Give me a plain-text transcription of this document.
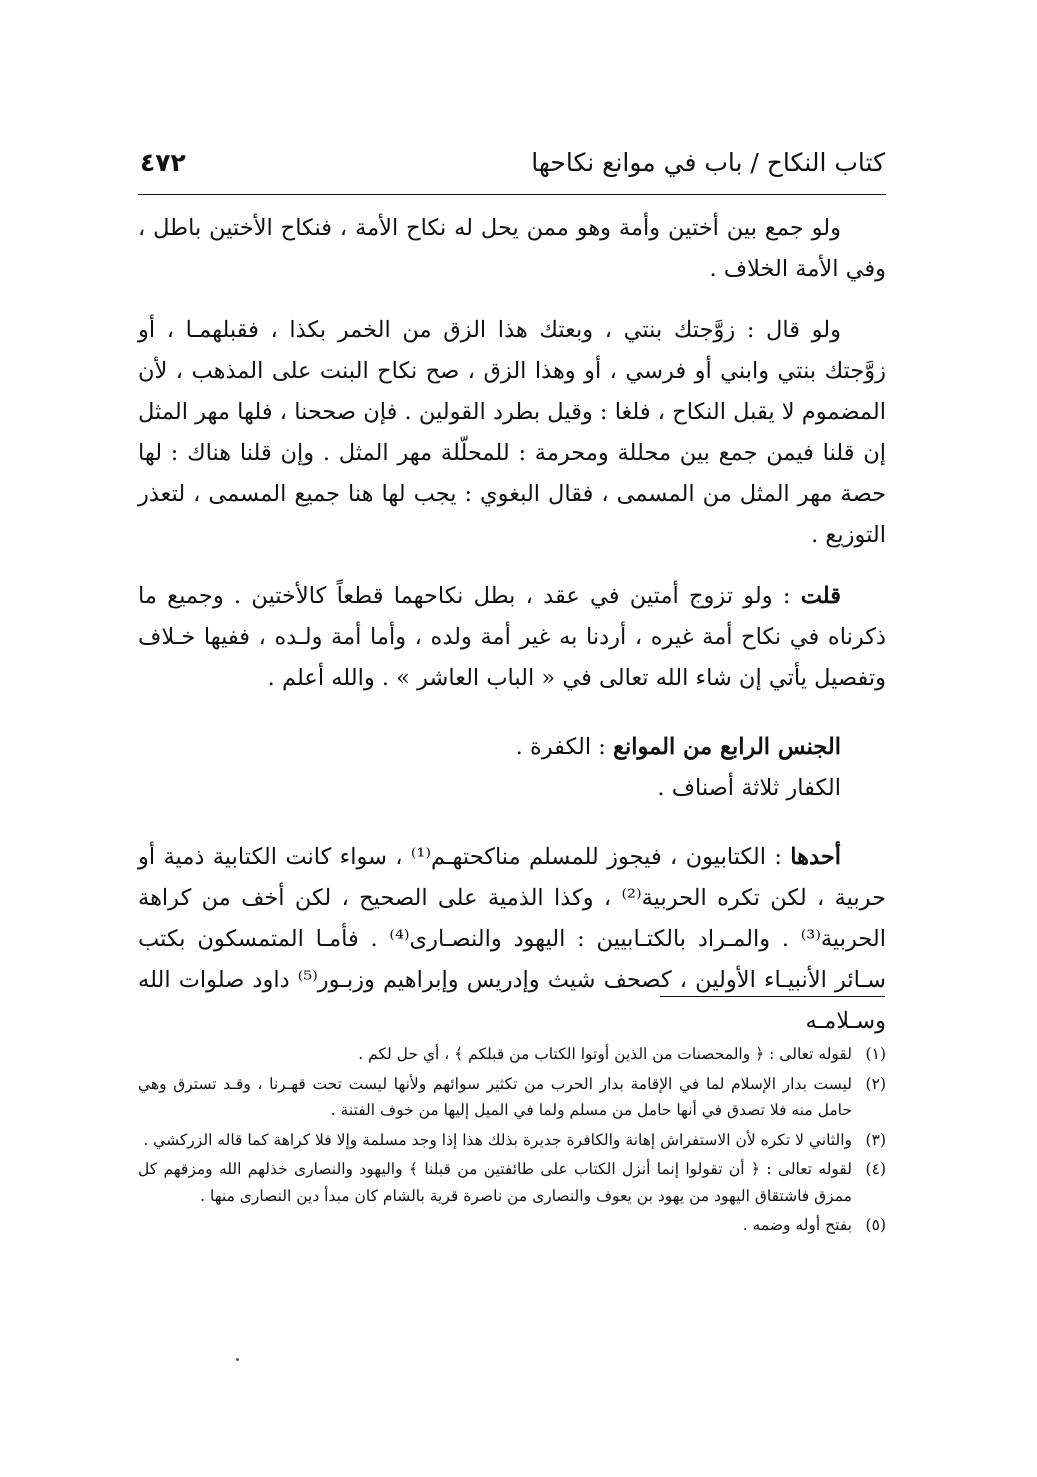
كتاب النكاح / باب في موانع نكاحها
٤٧٢

ولو جمع بين أختين وأمة وهو ممن يحل له نكاح الأمة ، فنكاح الأختين باطل ، وفي الأمة الخلاف .

ولو قال : زوَّجتك بنتي ، وبعتك هذا الزق من الخمر بكذا ، فقبلهمـا ، أو زوَّجتك بنتي وابني أو فرسي ، أو وهذا الزق ، صح نكاح البنت على المذهب ، لأن المضموم لا يقبل النكاح ، فلغا : وقيل بطرد القولين . فإن صححنا ، فلها مهر المثل إن قلنا فيمن جمع بين محللة ومحرمة : للمحلّلة مهر المثل . وإن قلنا هناك : لها حصة مهر المثل من المسمى ، فقال البغوي : يجب لها هنا جميع المسمى ، لتعذر التوزيع .

قلت : ولو تزوج أمتين في عقد ، بطل نكاحهما قطعاً كالأختين . وجميع ما ذكرناه في نكاح أمة غيره ، أردنا به غير أمة ولده ، وأما أمة ولـده ، ففيها خـلاف وتفصيل يأتي إن شاء الله تعالى في « الباب العاشر » . والله أعلم .

الجنس الرابع من الموانع : الكفرة .

الكفار ثلاثة أصناف .

أحدها : الكتابيون ، فيجوز للمسلم مناكحتهـم⁽¹⁾ ، سواء كانت الكتابية ذمية أو حربية ، لكن تكره الحربية⁽²⁾ ، وكذا الذمية على الصحيح ، لكن أخف من كراهة الحربية⁽³⁾ . والمـراد بالكتـابيين : اليهود والنصـارى⁽⁴⁾ . فأمـا المتمسكون بكتب سـائر الأنبيـاء الأولين ، كصحف شيث وإدريس وإبراهيم وزبـور⁽⁵⁾ داود صلوات الله وسـلامـه

(١)
لقوله تعالى : ﴿ والمحصنات من الذين أوتوا الكتاب من قبلكم ﴾ ، أي حل لكم .
(٢)
ليست بدار الإسلام لما في الإقامة بدار الحرب من تكثير سوائهم ولأنها ليست تحت قهـرنا ، وقـد تسترق وهي حامل منه فلا تصدق في أنها حامل من مسلم ولما في الميل إليها من خوف الفتنة .
(٣)
والثاني لا تكره لأن الاستفراش إهانة والكافرة جديرة بذلك هذا إذا وجد مسلمة وإلا فلا كراهة كما قاله الزركشي .
(٤)
لقوله تعالى : ﴿ أن تقولوا إنما أنزل الكتاب على طائفتين من قبلنا ﴾ واليهود والنصارى خذلهم الله ومزقهم كل ممزق فاشتقاق اليهود من يهود بن يعوف والنصارى من ناصرة قرية بالشام كان مبدأ دين النصارى منها .
(٥)
بفتح أوله وضمه .
